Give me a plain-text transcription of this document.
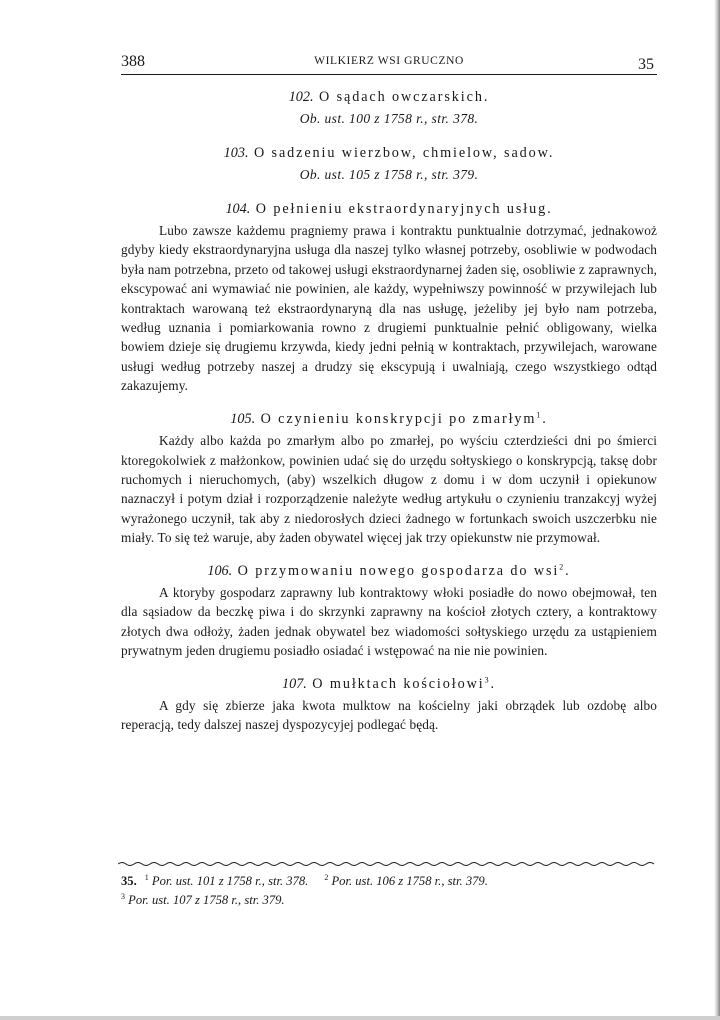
388	WILKIERZ WSI GRUCZNO	35
102. O sądach owczarskich.
Ob. ust. 100 z 1758 r., str. 378.
103. O sadzeniu wierzbow, chmielow, sadow.
Ob. ust. 105 z 1758 r., str. 379.
104. O pełnieniu ekstraordynaryjnych usług.

Lubo zawsze każdemu pragniemy prawa i kontraktu punktualnie dotrzymać, jednakowoż gdyby kiedy ekstraordynaryjna usługa dla naszej tylko własnej potrzeby, osobliwie w podwodach była nam potrzebna, przeto od takowej usługi ekstraordynarnej żaden się, osobliwie z zaprawnych, ekscypować ani wymawiać nie powinien, ale każdy, wypełniwszy powinność w przywilejach lub kontraktach warowaną też ekstraordynaryną dla nas usługę, jeżeliby jej było nam potrzeba, według uznania i pomiarkowania rowno z drugiemi punktualnie pełnić obligowany, wielka bowiem dzieje się drugiemu krzywda, kiedy jedni pełnią w kontraktach, przywilejach, warowane usługi według potrzeby naszej a drudzy się ekscypują i uwalniają, czego wszystkiego odtąd zakazujemy.

105. O czynieniu konskrypcji po zmarłym$^1$.

Każdy albo każda po zmarłym albo po zmarłej, po wyściu czterdzieści dni po śmierci ktoregokolwiek z małżonkow, powinien udać się do urzędu sołtyskiego o konskrypcją, taksę dobr ruchomych i nieruchomych, (aby) wszelkich długow z domu i w dom uczynił i opiekunow naznaczył i potym dział i rozporządzenie należyte według artykułu o czynieniu tranzakcyj wyżej wyrażonego uczynił, tak aby z niedorosłych dzieci żadnego w fortunkach swoich uszczerbku nie miały. To się też waruje, aby żaden obywatel więcej jak trzy opiekunstw nie przymował.

106. O przymowaniu nowego gospodarza do wsi$^2$.

A ktoryby gospodarz zaprawny lub kontraktowy włoki posiadłe do nowo obejmował, ten dla sąsiadow da beczkę piwa i do skrzynki zaprawny na kościoł złotych cztery, a kontraktowy złotych dwa odłoży, żaden jednak obywatel bez wiadomości sołtyskiego urzędu za ustąpieniem prywatnym jeden drugiemu posiadło osiadać i wstępować na nie nie powinien.

107. O mułktach kościołowi$^3$.

A gdy się zbierze jaka kwota mulktow na kościelny jaki obrządek lub ozdobę albo reperacją, tedy dalszej naszej dyspozycyjej podlegać będą.

35. $^1$ Por. ust. 101 z 1758 r., str. 378. $^2$ Por. ust. 106 z 1758 r., str. 379.
$^3$ Por. ust. 107 z 1758 r., str. 379.
